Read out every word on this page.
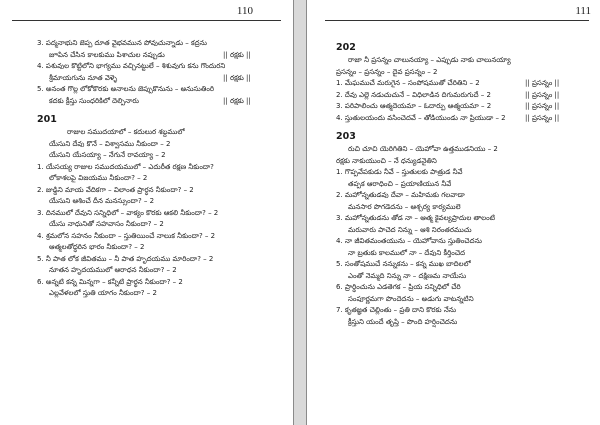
110	111
3. పద్మనాభుని జెప్ప దూత వైభవమున పోవుచున్నాడు – కద్రను
జూపిన చేసిన కాలకుము పిశాచుల నప్పుడు	|| రక్షకు ||
4. పశువుల కొట్టిలోని భాగ్యము వచ్చినట్టులే – శిశువుగు కను గొందురని
శ్రీమాయగును నూత వెళ్ళె	|| రక్షకు ||
5. అనంత గొల్ల లోకోకొరకు అనాలను జెప్పుకొనును – అనుసుతింరి
కదకు క్రీస్తు సుంధరికిలో దెల్పినారు	|| రక్షకు ||
201
రాజుల సముదయాలో – కదులుర శబ్దములో
యేసుని దేవు కొనే – విశ్వాసము నీకుందా – 2
యేసుని యేసయ్యా – నేగునే రావయ్యా – 2
1. యేసయ్య రాజుల సముదయములో – ఎదురీత రక్షణ నీకుందా?
లోకాశలపై విజయము నీకుందా? – 2
2. జుడ్డిని మాయ వేదికగా – విలాంత ప్రార్ధన నీకుందా? – 2
యేసుని ఆశించే దీన మనస్సుందా? – 2
3. దినములో దేవుని సన్నిధిలో – వాక్యం కొరకు ఆకలి నీకుందా? – 2
యేసు నాధునితో సహవాసం నీకుందా? – 2
4. శ్రమలోన సహనం నీకుందా – స్తుతియించే నాలుక నీకుందా? – 2
ఆత్మలతోద్ధరిన భారం నీకుందా? – 2
5. నీ పాత లోక జీవితము – నీ పాత హృదయము మారిందా? – 2
నూతన హృదయములో ఆరాధన నీకుందా? – 2
6. అన్నటి కన్న మిన్నగా – కన్నీటి ప్రార్థన నీకుందా? – 2
ఎల్లవేళలలో స్తుతి యాగం నీకుందా? – 2
202
రాజా నీ ప్రసన్నం చాలునయ్యా – ఎప్పుడు నాకు చాలునయ్యా
ప్రసన్నం – ప్రసన్నం – దైవ ప్రసన్నం – 2
1. మేఘముచే మరుగైన – సంపోషముతో చేరితిని – 2	|| ప్రసన్నం ||
2. దేవు ఎల్లె నడుచుచునే – విధిలాడిన దిగుమరుగుదే – 2	|| ప్రసన్నం ||
3. పరిపాలించు ఆత్మదెయమా – ఓదార్పు ఆత్మయమా – 2	|| ప్రసన్నం ||
4. స్తుతులయందు వసించెదవే – తోడియుండు నా ప్రియుడా – 2	|| ప్రసన్నం ||
203
రుచి చూచి యెరిగితిని – యెహోవా ఉత్తముడనియు – 2
రక్షకు నాకుయుంచి – నే ధన్యుడనైతిని
1. గొప్పవేపకుడు నీవే – స్తుతులకు పాత్రుడ నీవే
తప్పక ఆరాధించి – ప్రయాణియున నీవే
2. మహోన్నతుడవు దేవా – మహిమకు గలవాడా
మనసార పొగడెదను – ఆశ్చర్య కార్యములె
3. మహోన్నతుడను తోడ నా – ఆత్మ కైవల్యప్రాదుల తాలంటి
మరువారు పాచెద నిన్ను – ఆశి నిరంతరముచు
4. నా జీవితమంతయును – యెహోవాను స్తుతించెదను
నా బ్రతుకు కాలములో నా – దేవుని కీర్తించెద
5. సంతోషముచే నన్నుకను – కన్న ముఖ బాదిలలో
ఎంతో నెమ్మది నిన్ను నా – దక్షిణమ నాయేసు
6. ప్రార్థించును ఎడతెగక – ప్రియ సన్నిధిలో చేరి
సంపూర్ణమగా పొందెదను – అడుగు వాటన్నటిని
7. కృతజ్ఞత చెల్లింతు – ప్రతి దాని కొరకు నేను
క్రీస్తుని యందే తృప్తి – పొంది హర్షించెదను
